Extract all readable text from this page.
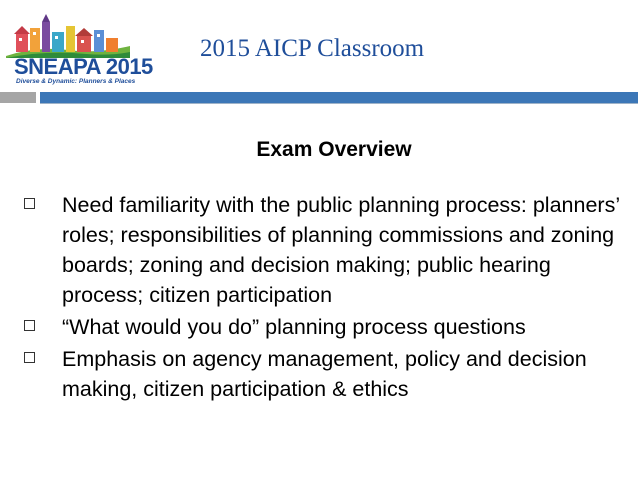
SNEAPA 2015
Diverse & Dynamic: Planners & Places
2015 AICP Classroom
Exam Overview
Need familiarity with the public planning process: planners’ roles; responsibilities of planning commissions and zoning boards; zoning and decision making; public hearing process; citizen participation
“What would you do” planning process questions
Emphasis on agency management, policy and decision making, citizen participation & ethics
